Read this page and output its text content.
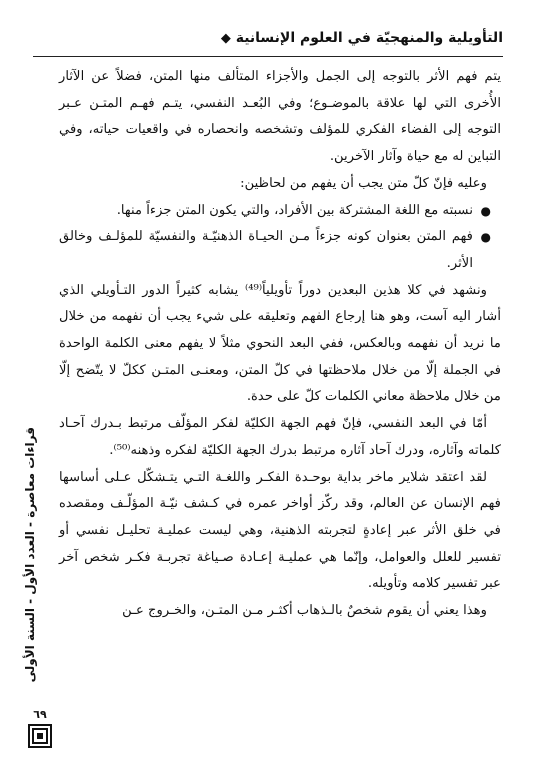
التأويلية والمنهجيّة في العلوم الإنسانية ◆

يتم فهم الأثر بالتوجه إلى الجمل والأجزاء المتألف منها المتن، فضلاً عن الآثار الأُخرى التي لها علاقة بالموضـوع؛ وفي البُعـد النفسي، يتـم فهـم المتـن عـبر التوجه إلى الفضاء الفكري للمؤلف وتشخصه وانحصاره في واقعيات حياته، وفي التباين له مع حياة وآثار الآخرين.

وعليه فإنّ كلّ متن يجب أن يفهم من لحاظين:

●
نسبته مع اللغة المشتركة بين الأفراد، والتي يكون المتن جزءاً منها.

●
فهم المتن بعنوان كونه جزءاً مـن الحيـاة الذهنيّـة والنفسيّة للمؤلـف وخالق الأثر.

ونشهد في كلا هذين البعدين دوراً تأويلياً⁽⁴⁹⁾ يشابه كثيراً الدور التـأويلي الذي أشار اليه آست، وهو هنا إرجاع الفهم وتعليقه على شيء يجب أن نفهمه من خلال ما نريد أن نفهمه وبالعكس، ففي البعد النحوي مثلاً لا يفهم معنى الكلمة الواحدة في الجملة إلّا من خلال ملاحظتها في كلّ المتن، ومعنـى المتـن ككلّ لا يتّضح إلّا من خلال ملاحظة معاني الكلمات كلّ على حدة.

أمّا في البعد النفسي، فإنّ فهم الجهة الكليّة لفكر المؤلّف مرتبط بـدرك آحـاد كلماته وآثاره، ودرك آحاد آثاره مرتبط بدرك الجهة الكليّة لفكره وذهنه⁽⁵⁰⁾.

لقد اعتقد شلاير ماخر بداية بوحـدة الفكـر واللغـة التـي يتـشكّل عـلى أساسها فهم الإنسان عن العالم، وقد ركّز أواخر عمره في كـشف نيّـة المؤلّـف ومقصده في خلق الأثر عبر إعادةٍ لتجربته الذهنية، وهي ليست عمليـة تحليـل نفسي أو تفسير للعلل والعوامل، وإنّما هي عمليـة إعـادة صـياغة تجربـة فكـر شخص آخر عبر تفسير كلامه وتأويله.

وهذا يعني أن يقوم شخصٌ بالـذهاب أكثـر مـن المتـن، والخـروج عـن

قراءات معاصرة - العدد الأول - السنة الأولى
٦٩
